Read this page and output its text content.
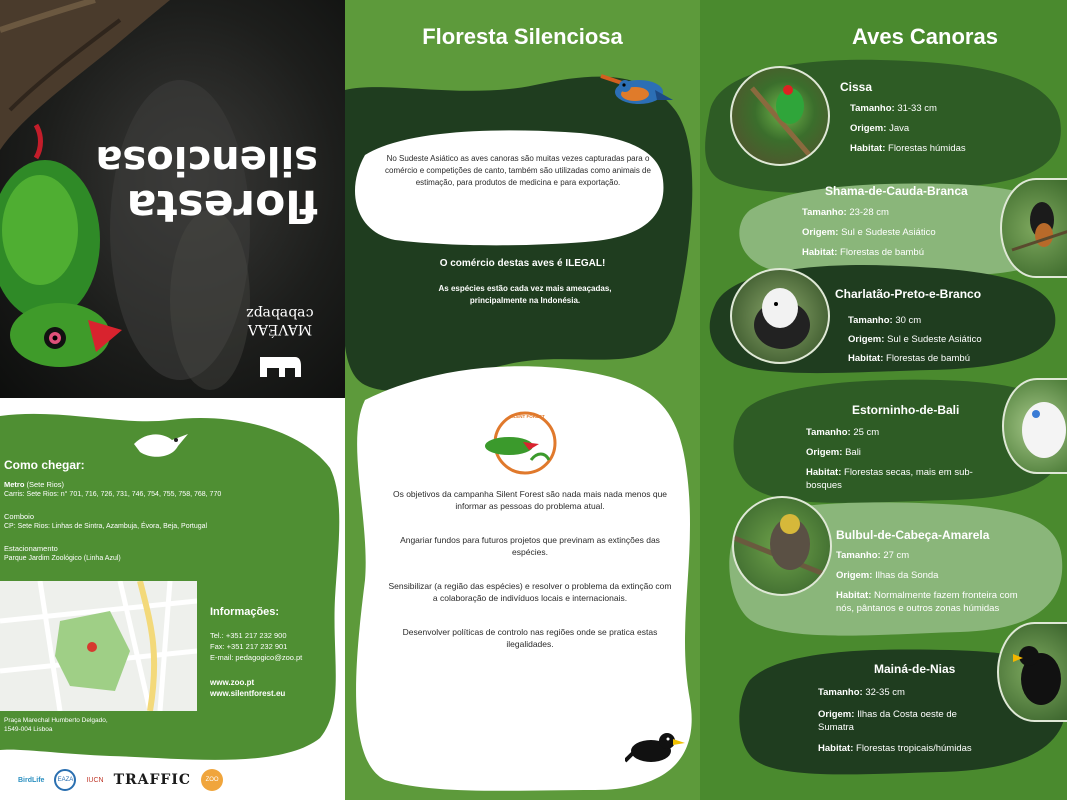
floresta
silenciosa
MAVÉAΛ cɐbɐbɐpz
Como chegar:
Metro (Sete Rios)
Carris: Sete Rios: n° 701, 716, 726, 731, 746, 754, 755, 758, 768, 770
Comboio
CP: Sete Rios: Linhas de Sintra, Azambuja, Évora, Beja, Portugal
Estacionamento
Parque Jardim Zoológico (Linha Azul)
Informações:
Tel.: +351 217 232 900
Fax: +351 217 232 901
E-mail: pedagogico@zoo.pt
www.zoo.pt
www.silentforest.eu
Praça Marechal Humberto Delgado, 1549-004 Lisboa
BirdLife	EAZA	IUCN TRAFFIC	ZOO
Floresta Silenciosa
No Sudeste Asiático as aves canoras são muitas vezes capturadas para o comércio e competições de canto, também são utilizadas como animais de estimação, para produtos de medicina e para exportação.
O comércio destas aves é ILEGAL!
As espécies estão cada vez mais ameaçadas, principalmente na Indonésia.
SILENT FOREST
Os objetivos da campanha Silent Forest são nada mais nada menos que informar as pessoas do problema atual.
Angariar fundos para futuros projetos que previnam as extinções das espécies.
Sensibilizar (a região das espécies) e resolver o problema da extinção com a colaboração de indivíduos locais e internacionais.
Desenvolver políticas de controlo nas regiões onde se pratica estas ilegalidades.
Aves Canoras
Cissa
Tamanho: 31-33 cm
Origem: Java
Habitat: Florestas húmidas
Shama-de-Cauda-Branca
Tamanho: 23-28 cm
Origem: Sul e Sudeste Asiático
Habitat: Florestas de bambú
Charlatão-Preto-e-Branco
Tamanho: 30 cm
Origem: Sul e Sudeste Asiático
Habitat: Florestas de bambú
Estorninho-de-Bali
Tamanho: 25 cm
Origem: Bali
Habitat: Florestas secas, mais em sub-bosques
Bulbul-de-Cabeça-Amarela
Tamanho: 27 cm
Origem: Ilhas da Sonda
Habitat: Normalmente fazem fronteira com nós, pântanos e outros zonas húmidas
Mainá-de-Nias
Tamanho: 32-35 cm
Origem: Ilhas da Costa oeste de Sumatra
Habitat: Florestas tropicais/húmidas
